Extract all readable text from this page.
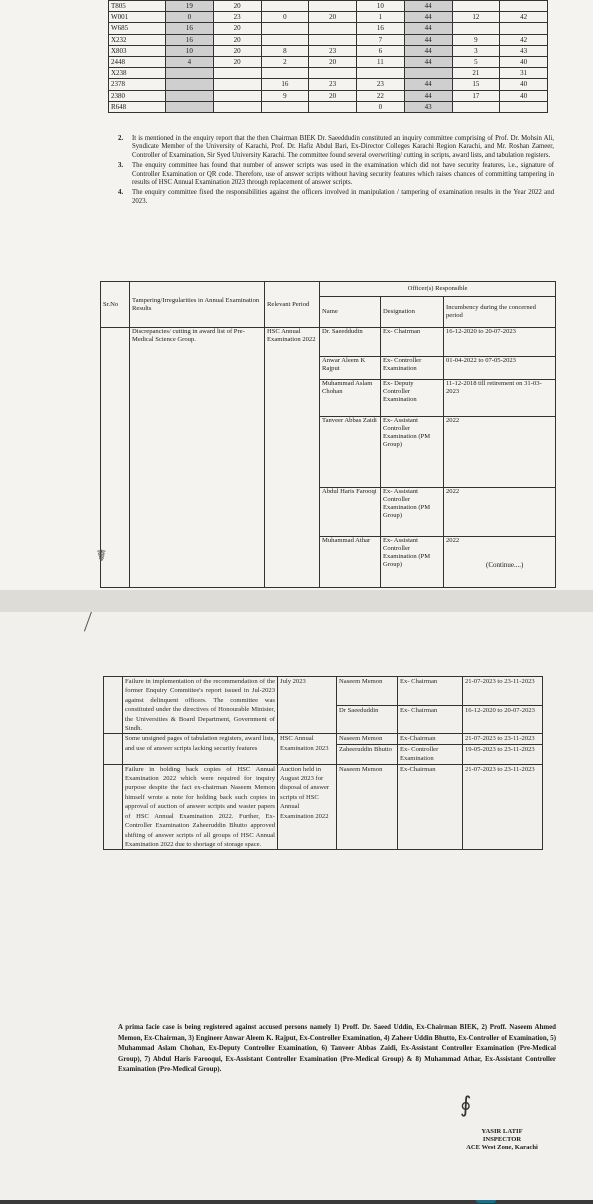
T805	19	20			10	44		
W001	0	23	0	20	1	44	12	42
W685	16	20			16	44		
X232	16	20			7	44	9	42
X803	10	20	8	23	6	44	3	43
2448	4	20	2	20	11	44	5	40
X238							21	31
2378			16	23	23	44	15	40
2380			9	20	22	44	17	40
R648					0	43		
2. It is mentioned in the enquiry report that the then Chairman BIEK Dr. Saeeddudin constituted an inquiry committee comprising of Prof. Dr. Mohsin Ali, Syndicate Member of the University of Karachi, Prof. Dr. Hafiz Abdul Bari, Ex-Director Colleges Karachi Region Karachi, and Mr. Roshan Zameer, Controller of Examination, Sir Syed University Karachi. The committee found several overwriting/ cutting in scripts, award lists, and tabulation registers.
3. The enquiry committee has found that number of answer scripts was used in the examination which did not have security features, i.e., signature of Controller Examination or QR code. Therefore, use of answer scripts without having security features which raises chances of committing tampering in results of HSC Annual Examination 2023 through replacement of answer scripts.
4. The enquiry committee fixed the responsibilities against the officers involved in manipulation / tampering of examination results in the Year 2022 and 2023.
Sr.No	Tampering/Irregularities in Annual Examination Results	Relevant Period	Officer(s) Responsible		
			Name	Designation	Incumbency during the concerned period
	Discrepancies/ cutting in award list of Pre-Medical Science Group.	HSC Annual Examination 2022	Dr. Saeeddudin	Ex- Chairman	16-12-2020 to 20-07-2023
			Anwar Aleem K Rajput	Ex- Controller Examination	01-04-2022 to 07-05-2023
			Muhammad Aslam Chohan	Ex- Deputy Controller Examination	11-12-2018 till retirement on 31-03-2023
			Tanveer Abbas Zaidi	Ex- Assistant Controller Examination (PM Group)	2022
			Abdul Haris Farooqi	Ex- Assistant Controller Examination (PM Group)	2022
			Muhammad Athar	Ex- Assistant Controller Examination (PM Group)	2022
☤	(Continue....)
	Failure in implementation of the recommendation of the former Enquiry Committee's report issued in Jul-2023 against delinquent officers. The committee was constituted under the directives of Honourable Minister, the Universities & Board Department, Government of Sindh.	July 2023	Naseem Memon	Ex- Chairman	21-07-2023 to 23-11-2023
			Dr Saeeduddin	Ex- Chairman	16-12-2020 to 20-07-2023
	Some unsigned pages of tabulation registers, award lists, and use of answer scripts lacking security features	HSC Annual Examination 2023	Naseem Memon	Ex-Chairman	21-07-2023 to 23-11-2023
			Zaheeruddin Bhutto	Ex- Controller Examination	19-05-2023 to 23-11-2023
	Failure in holding back copies of HSC Annual Examination 2022 which were required for inquiry purpose despite the fact ex-chairman Naseem Memon himself wrote a note for holding back such copies in approval of auction of answer scripts and waster papers of HSC Annual Examination 2022. Further, Ex-Controller Examination Zaheeruddin Bhutto approved shifting of answer scripts of all groups of HSC Annual Examination 2022 due to shortage of storage space.	Auction held in August 2023 for disposal of answer scripts of HSC Annual Examination 2022	Naseem Memon	Ex-Chairman	21-07-2023 to 23-11-2023
A prima facie case is being registered against accused persons namely 1) Proff. Dr. Saeed Uddin, Ex-Chairman BIEK, 2) Proff. Naseem Ahmed Memon, Ex-Chairman, 3) Engineer Anwar Aleem K. Rajput, Ex-Controller Examination, 4) Zaheer Uddin Bhutto, Ex-Controller of Examination, 5) Muhammad Aslam Chohan, Ex-Deputy Controller Examination, 6) Tanveer Abbas Zaidi, Ex-Assistant Controller Examination (Pre-Medical Group), 7) Abdul Haris Farooqui, Ex-Assistant Controller Examination (Pre-Medical Group) & 8) Muhammad Athar, Ex-Assistant Controller Examination (Pre-Medical Group).
∮
YASIR LATIF
INSPECTOR
ACE West Zone, Karachi
